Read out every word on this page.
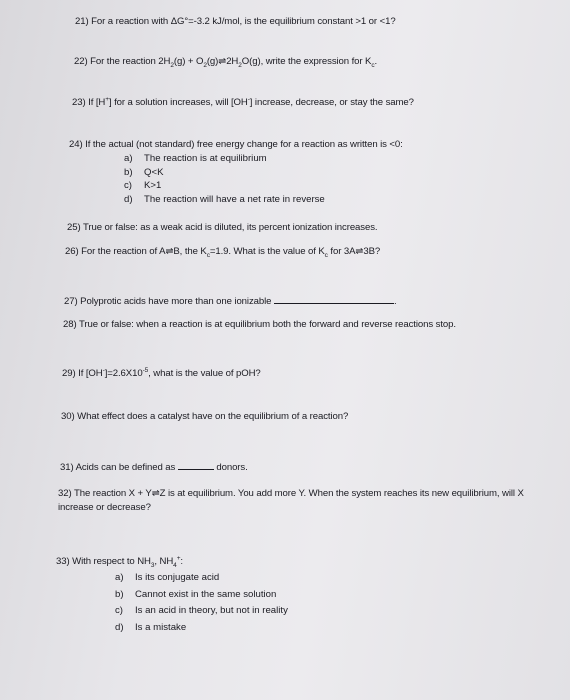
21) For a reaction with ΔG°=-3.2 kJ/mol, is the equilibrium constant >1 or <1?
22) For the reaction $2H_2(g)$ + $O_2(g)\rightleftharpoons 2H_2O(g)$, write the expression for $K_c$.
23) If [H+] for a solution increases, will [OH-] increase, decrease, or stay the same?
24) If the actual (not standard) free energy change for a reaction as written is <0:
a) The reaction is at equilibrium
b) Q<K
c) K>1
d) The reaction will have a net rate in reverse
25) True or false: as a weak acid is diluted, its percent ionization increases.
26) For the reaction of A⇌B, the $K_c=1.9$. What is the value of $K_c$ for 3A⇌3B?
27) Polyprotic acids have more than one ionizable	.
28) True or false: when a reaction is at equilibrium both the forward and reverse reactions stop.
29) If $[OH^-]=2.6X10^{-5}$, what is the value of pOH?
30) What effect does a catalyst have on the equilibrium of a reaction?
31) Acids can be defined as	donors.
32) The reaction X + Y⇌Z is at equilibrium. You add more Y. When the system reaches its new equilibrium, will X increase or decrease?
33) With respect to $NH_3$, $NH_4^+$:
a) Is its conjugate acid
b) Cannot exist in the same solution
c) Is an acid in theory, but not in reality
d) Is a mistake
